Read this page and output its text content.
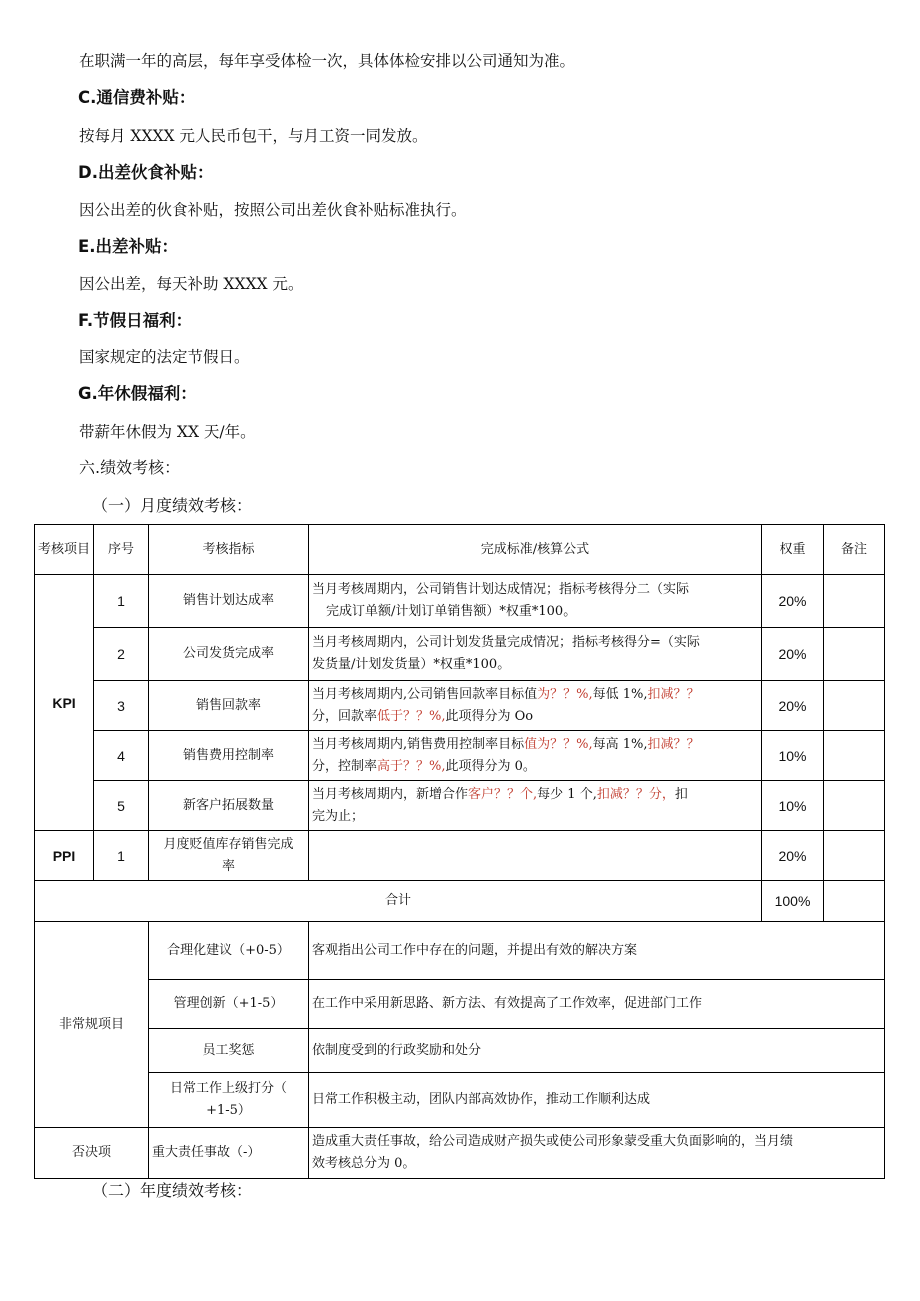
在职满一年的高层，每年享受体检一次，具体体检安排以公司通知为准。
C.通信费补贴：
按每月 XXXX 元人民币包干，与月工资一同发放。
D.出差伙食补贴：
因公出差的伙食补贴，按照公司出差伙食补贴标准执行。
E.出差补贴：
因公出差，每天补助 XXXX 元。
F.节假日福利：
国家规定的法定节假日。
G.年休假福利：
带薪年休假为 XX 天/年。
六.绩效考核：
（一）月度绩效考核：
考核项目	序号	考核指标	完成标准/核算公式	权重	备注
KPI	1	销售计划达成率	当月考核周期内，公司销售计划达成情况；指标考核得分二（实际
完成订单额/计划订单销售额）*权重*100。	20%	
	2	公司发货完成率	当月考核周期内，公司计划发货量完成情况；指标考核得分=（实际
发货量/计划发货量）*权重*100。	20%	
	3	销售回款率	当月考核周期内,公司销售回款率目标值为？？%,每低 1%,扣减？？
分，回款率低于？？%,此项得分为 Oo	20%	
	4	销售费用控制率	当月考核周期内,销售费用控制率目标值为？？%,每高 1%,扣减？？
分，控制率高于？？%,此项得分为 0。	10%	
	5	新客户拓展数量	当月考核周期内，新增合作客户？？个,每少 1 个,扣减？？分，扣
完为止；	10%	
PPI	1	月度贬值库存销售完成
率		20%	
合计				100%	
非常规项目		合理化建议（+0-5）	客观指出公司工作中存在的问题，并提出有效的解决方案		
		管理创新（+1-5）	在工作中采用新思路、新方法、有效提高了工作效率，促进部门工作		
		员工奖惩	依制度受到的行政奖励和处分		
		日常工作上级打分（
+1-5）	日常工作积极主动，团队内部高效协作，推动工作顺利达成		
否决项		重大责任事故（-）	造成重大责任事故，给公司造成财产损失或使公司形象蒙受重大负面影响的，当月绩
效考核总分为 0。		
（二）年度绩效考核：
